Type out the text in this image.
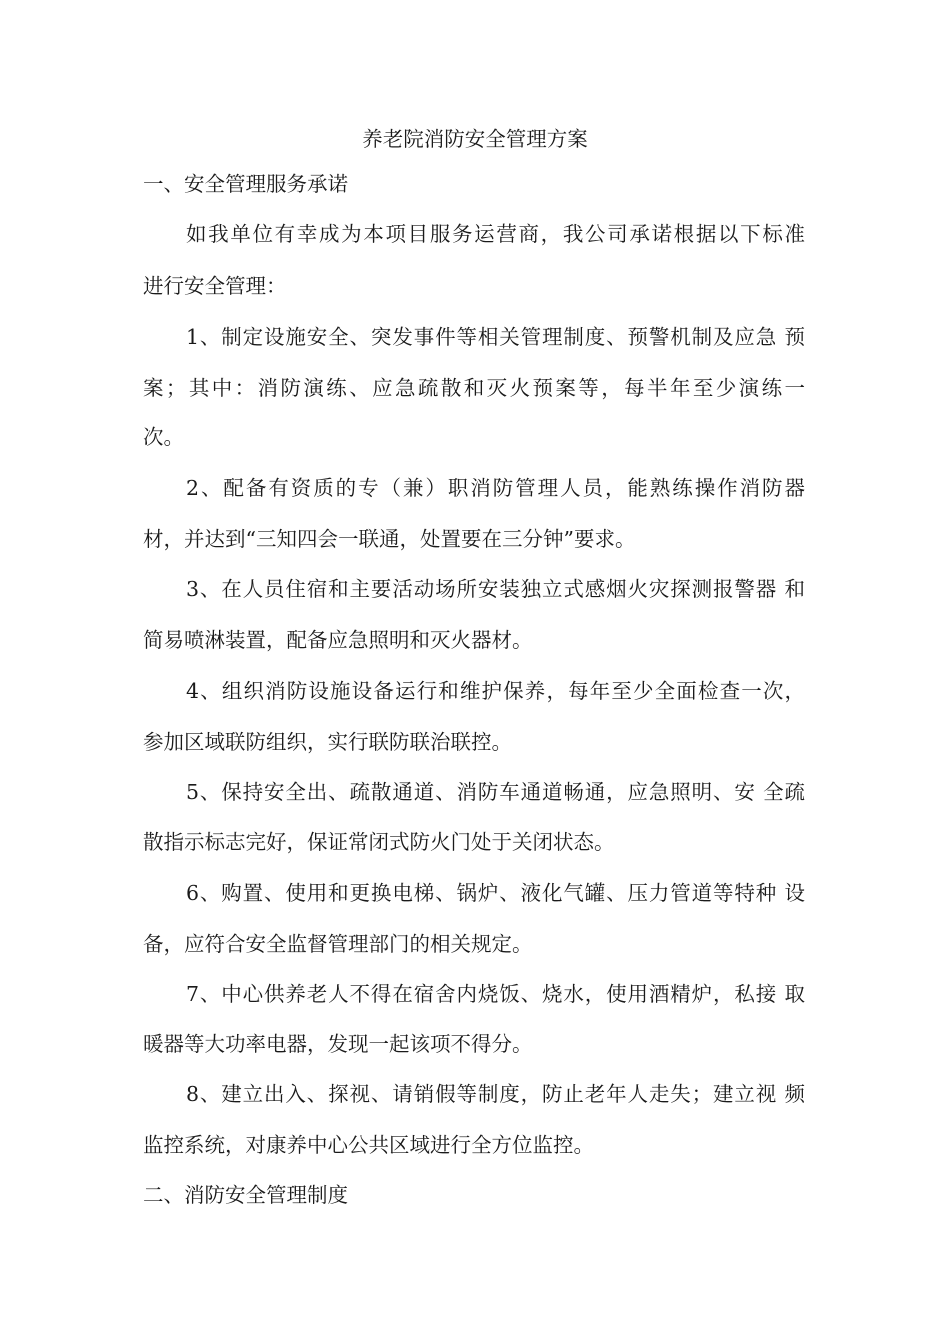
养老院消防安全管理方案
一、安全管理服务承诺
如我单位有幸成为本项目服务运营商，我公司承诺根据以下标准
进行安全管理：
1、制定设施安全、突发事件等相关管理制度、预警机制及应急 预
案；其中：消防演练、应急疏散和灭火预案等，每半年至少演练一
次。
2、配备有资质的专（兼）职消防管理人员，能熟练操作消防器
材，并达到“三知四会一联通，处置要在三分钟”要求。
3、在人员住宿和主要活动场所安装独立式感烟火灾探测报警器 和
简易喷淋装置，配备应急照明和灭火器材。
4、组织消防设施设备运行和维护保养，每年至少全面检查一次，
参加区域联防组织，实行联防联治联控。
5、保持安全出、疏散通道、消防车通道畅通，应急照明、安 全疏
散指示标志完好，保证常闭式防火门处于关闭状态。
6、购置、使用和更换电梯、锅炉、液化气罐、压力管道等特种 设
备，应符合安全监督管理部门的相关规定。
7、中心供养老人不得在宿舍内烧饭、烧水，使用酒精炉，私接 取
暖器等大功率电器，发现一起该项不得分。
8、建立出入、探视、请销假等制度，防止老年人走失；建立视 频
监控系统，对康养中心公共区域进行全方位监控。
二、消防安全管理制度
